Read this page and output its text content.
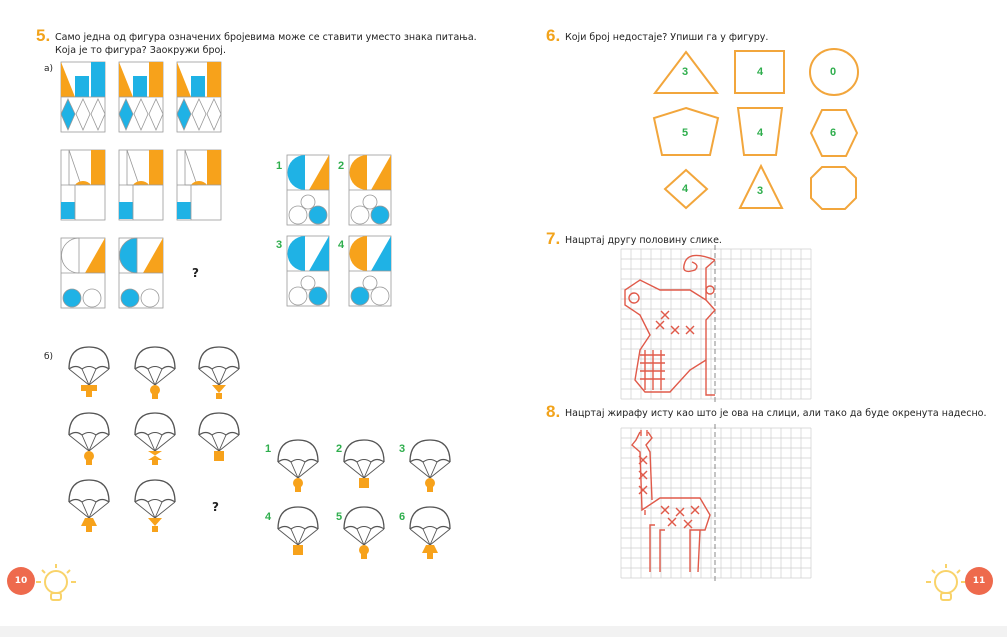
5. Само једна од фигура означених бројевима може се ставити уместо знака питања.
Која је то фигура? Заокружи број.
а)
?
1	2
3	4
б)
?
1	2	3
4	5	6
10
6. Који број недостаје? Упиши га у фигуру.
3	4	0
5	4	6
4	3
7. Нацртај другу половину слике.
8. Нацртај жирафу исту као што је ова на слици, али тако да буде окренута надесно.
11
